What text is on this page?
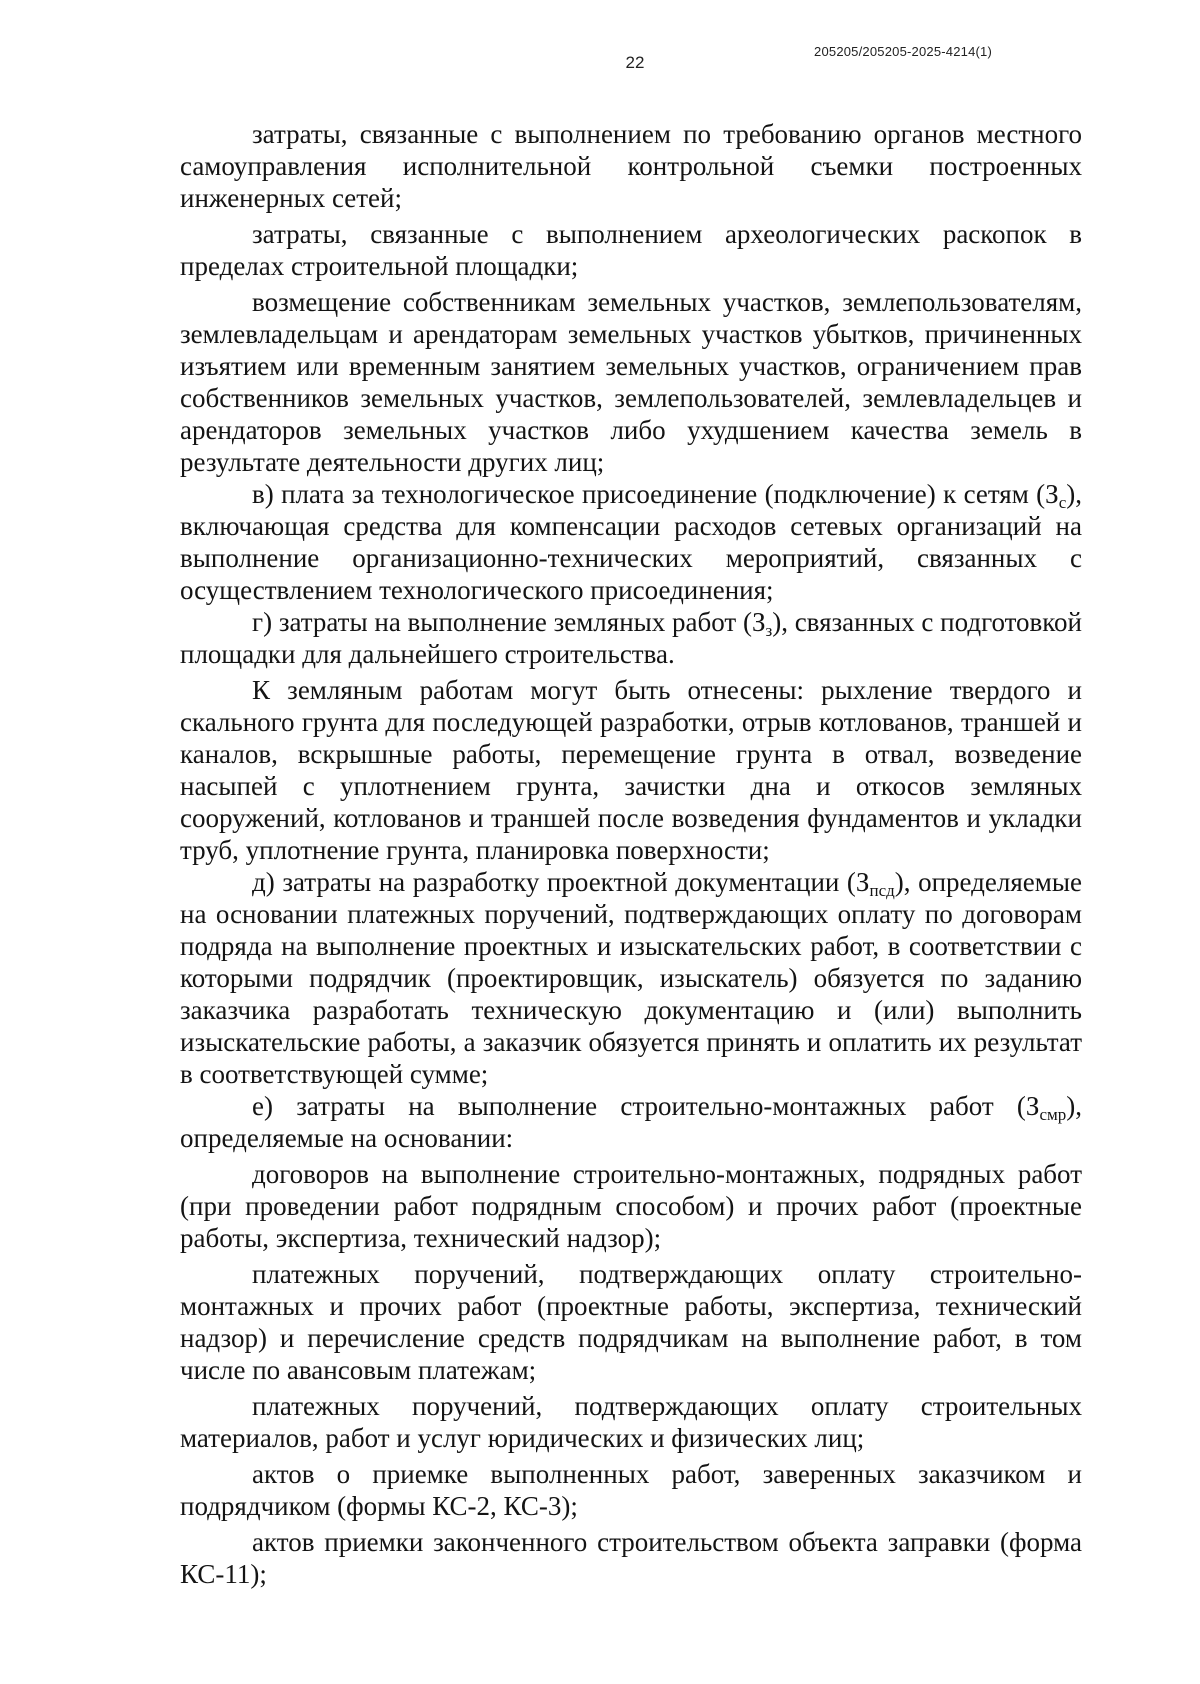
205205/205205-2025-4214(1)
22

затраты, связанные с выполнением по требованию органов местного самоуправления исполнительной контрольной съемки построенных инженерных сетей;

затраты, связанные с выполнением археологических раскопок в пределах строительной площадки;

возмещение собственникам земельных участков, землепользователям, землевладельцам и арендаторам земельных участков убытков, причиненных изъятием или временным занятием земельных участков, ограничением прав собственников земельных участков, землепользователей, землевладельцев и арендаторов земельных участков либо ухудшением качества земель в результате деятельности других лиц;

в) плата за технологическое присоединение (подключение) к сетям $(З_с)$, включающая средства для компенсации расходов сетевых организаций на выполнение организационно-технических мероприятий, связанных с осуществлением технологического присоединения;

г) затраты на выполнение земляных работ $(З_з)$, связанных с подготовкой площадки для дальнейшего строительства.

К земляным работам могут быть отнесены: рыхление твердого и скального грунта для последующей разработки, отрыв котлованов, траншей и каналов, вскрышные работы, перемещение грунта в отвал, возведение насыпей с уплотнением грунта, зачистки дна и откосов земляных сооружений, котлованов и траншей после возведения фундаментов и укладки труб, уплотнение грунта, планировка поверхности;

д) затраты на разработку проектной документации $(З_{псд})$, определяемые на основании платежных поручений, подтверждающих оплату по договорам подряда на выполнение проектных и изыскательских работ, в соответствии с которыми подрядчик (проектировщик, изыскатель) обязуется по заданию заказчика разработать техническую документацию и (или) выполнить изыскательские работы, а заказчик обязуется принять и оплатить их результат в соответствующей сумме;

е) затраты на выполнение строительно-монтажных работ $(З_{смр})$, определяемые на основании:

договоров на выполнение строительно-монтажных, подрядных работ (при проведении работ подрядным способом) и прочих работ (проектные работы, экспертиза, технический надзор);

платежных поручений, подтверждающих оплату строительно-монтажных и прочих работ (проектные работы, экспертиза, технический надзор) и перечисление средств подрядчикам на выполнение работ, в том числе по авансовым платежам;

платежных поручений, подтверждающих оплату строительных материалов, работ и услуг юридических и физических лиц;

актов о приемке выполненных работ, заверенных заказчиком и подрядчиком (формы КС-2, КС-3);

актов приемки законченного строительством объекта заправки (форма КС-11);
